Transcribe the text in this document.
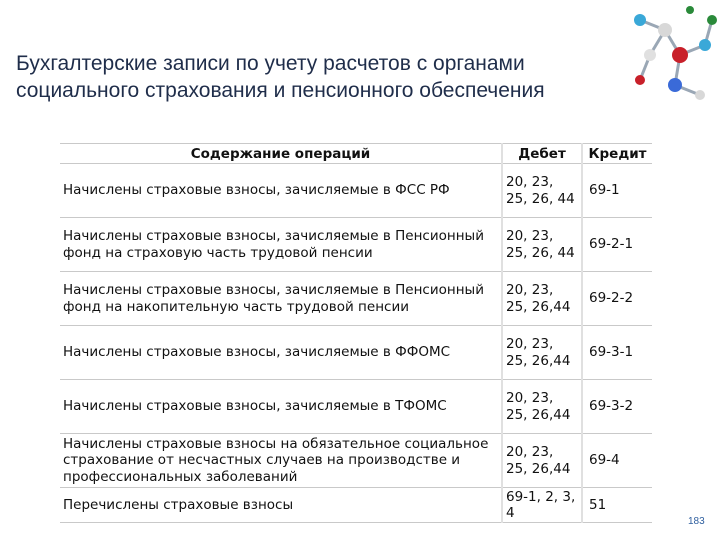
Бухгалтерские записи по учету расчетов с органами социального страхования и пенсионного обеспечения
Содержание операций	Дебет	Кредит
Начислены страховые взносы, зачисляемые в ФСС РФ	20, 23, 25, 26, 44	69-1
Начислены страховые взносы, зачисляемые в Пенсионный фонд на страховую часть трудовой пенсии	20, 23, 25, 26, 44	69-2-1
Начислены страховые взносы, зачисляемые в Пенсионный фонд на накопительную часть трудовой пенсии	20, 23, 25, 26,44	69-2-2
Начислены страховые взносы, зачисляемые в ФФОМС	20, 23, 25, 26,44	69-3-1
Начислены страховые взносы, зачисляемые в ТФОМС	20, 23, 25, 26,44	69-3-2
Начислены страховые взносы на обязательное социальное страхование от несчастных случаев на производстве и профессиональных заболеваний	20, 23, 25, 26,44	69-4
Перечислены страховые взносы	69-1, 2, 3, 4	51
183
